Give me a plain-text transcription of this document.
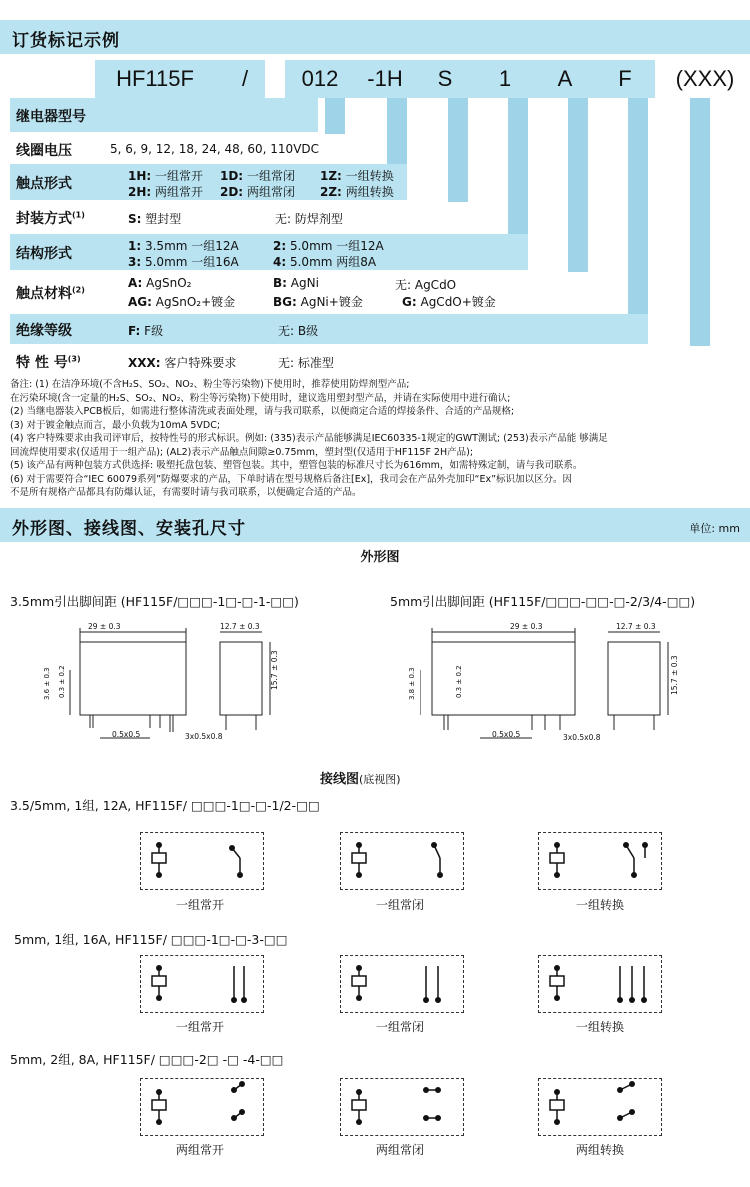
订货标记示例
HF115F	/	012	-1H	S	1	A	F	(XXX)
继电器型号
线圈电压	5, 6, 9, 12, 18, 24, 48, 60, 110VDC
触点形式	1H: 一组常开 1D: 一组常闭 1Z: 一组转换
2H: 两组常开 2D: 两组常闭 2Z: 两组转换
封装方式$^{(1)}$	S: 塑封型	无: 防焊剂型
结构形式	1: 3.5mm 一组12A	2: 5.0mm 一组12A
3: 5.0mm 一组16A	4: 5.0mm 两组8A
触点材料$^{(2)}$	A: AgSnO₂	B: AgNi	无: AgCdO
AG: AgSnO₂+镀金	BG: AgNi+镀金	G: AgCdO+镀金
绝缘等级	F: F级	无: B级
特 性 号$^{(3)}$	XXX: 客户特殊要求	无: 标准型
备注: (1) 在洁净环境(不含H₂S、SO₂、NO₂、粉尘等污染物)下使用时，推荐使用防焊剂型产品;
在污染环境(含一定量的H₂S、SO₂、NO₂、粉尘等污染物)下使用时，建议选用塑封型产品，并请在实际使用中进行确认;
(2) 当继电器装入PCB板后，如需进行整体清洗或表面处理，请与我司联系，以便商定合适的焊接条件、合适的产品规格;
(3) 对于镀金触点而言，最小负载为10mA 5VDC;
(4) 客户特殊要求由我司评审后，按特性号的形式标识。例如: (335)表示产品能够满足IEC60335-1规定的GWT测试; (253)表示产品能 够满足
回流焊使用要求(仅适用于一组产品); (AL2)表示产品触点间隙≥0.75mm，塑封型(仅适用于HF115F 2H产品);
(5) 该产品有两种包装方式供选择: 吸塑托盘包装、塑管包装。其中，塑管包装的标准尺寸长为616mm，如需特殊定制，请与我司联系。
(6) 对于需要符合“IEC 60079系列”防爆要求的产品，下单时请在型号规格后备注[Ex]，我司会在产品外壳加印“Ex”标识加以区分。因
不是所有规格产品都具有防爆认证，有需要时请与我司联系，以便确定合适的产品。
外形图、接线图、安装孔尺寸	单位: mm
外形图
3.5mm引出脚间距 (HF115F/□□□-1□-□-1-□□)	5mm引出脚间距 (HF115F/□□□-□□-□-2/3/4-□□)
29 ± 0.3	12.7 ± 0.3
15.7 ± 0.3
3.6 ± 0.3 0.3 ± 0.2
0.5x0.5	3x0.5x0.8
29 ± 0.3	12.7 ± 0.3
15.7 ± 0.3
3.8 ± 0.3	0.3 ± 0.2
0.5x0.5	3x0.5x0.8
接线图(底视图)
3.5/5mm, 1组, 12A, HF115F/ □□□-1□-□-1/2-□□
一组常开	一组常闭	一组转换
5mm, 1组, 16A, HF115F/ □□□-1□-□-3-□□
一组常开	一组常闭	一组转换
5mm, 2组, 8A, HF115F/ □□□-2□ -□ -4-□□
两组常开	两组常闭	两组转换
